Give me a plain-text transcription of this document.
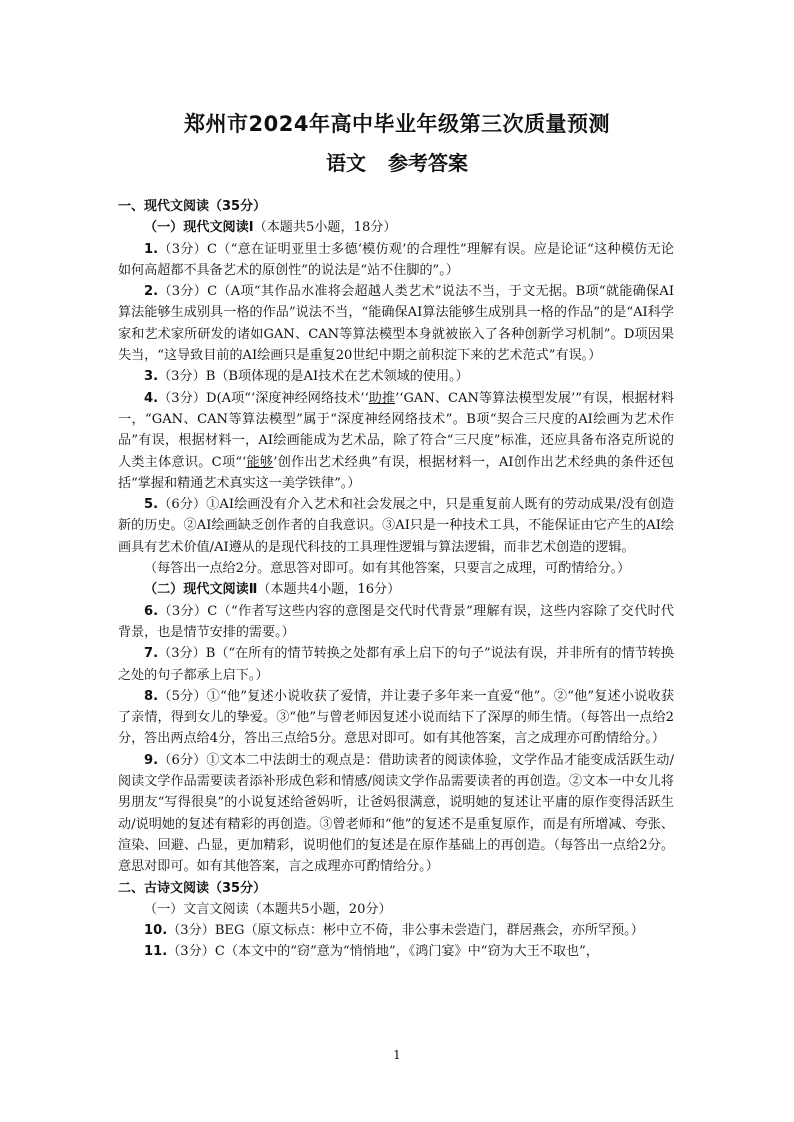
郑州市2024年高中毕业年级第三次质量预测
语文 参考答案

一、现代文阅读（35分）

（一）现代文阅读Ⅰ（本题共5小题，18分）

1.（3分）C（“意在证明亚里士多德‘模仿观’的合理性”理解有误。应是论证“这种模仿无论如何高超都不具备艺术的原创性”的说法是“站不住脚的”。）

2.（3分）C（A项“其作品水准将会超越人类艺术”说法不当，于文无据。B项“就能确保AI算法能够生成别具一格的作品”说法不当，“能确保AI算法能够生成别具一格的作品”的是“AI科学家和艺术家所研发的诸如GAN、CAN等算法模型本身就被嵌入了各种创新学习机制”。D项因果失当，“这导致目前的AI绘画只是重复20世纪中期之前积淀下来的艺术范式”有误。）

3.（3分）B（B项体现的是AI技术在艺术领域的使用。）

4.（3分）D(A项“‘深度神经网络技术’‘助推’‘GAN、CAN等算法模型发展’”有误，根据材料一，“GAN、CAN等算法模型”属于“深度神经网络技术”。B项“契合三尺度的AI绘画为艺术作品”有误，根据材料一，AI绘画能成为艺术品，除了符合“三尺度”标准，还应具备布洛克所说的人类主体意识。C项“‘能够’创作出艺术经典”有误，根据材料一，AI创作出艺术经典的条件还包括“掌握和精通艺术真实这一美学铁律”。）

5.（6分）①AI绘画没有介入艺术和社会发展之中，只是重复前人既有的劳动成果/没有创造新的历史。②AI绘画缺乏创作者的自我意识。③AI只是一种技术工具，不能保证由它产生的AI绘画具有艺术价值/AI遵从的是现代科技的工具理性逻辑与算法逻辑，而非艺术创造的逻辑。

（每答出一点给2分。意思答对即可。如有其他答案，只要言之成理，可酌情给分。）

（二）现代文阅读Ⅱ（本题共4小题，16分）

6.（3分）C（“作者写这些内容的意图是交代时代背景”理解有误，这些内容除了交代时代背景，也是情节安排的需要。）

7.（3分）B（“在所有的情节转换之处都有承上启下的句子”说法有误，并非所有的情节转换之处的句子都承上启下。）

8.（5分）①“他”复述小说收获了爱情，并让妻子多年来一直爱“他”。②“他”复述小说收获了亲情，得到女儿的挚爱。③“他”与曾老师因复述小说而结下了深厚的师生情。（每答出一点给2分，答出两点给4分，答出三点给5分。意思对即可。如有其他答案，言之成理亦可酌情给分。）

9.（6分）①文本二中法朗士的观点是：借助读者的阅读体验，文学作品才能变成活跃生动/阅读文学作品需要读者添补形成色彩和情感/阅读文学作品需要读者的再创造。②文本一中女儿将男朋友“写得很臭”的小说复述给爸妈听，让爸妈很满意，说明她的复述让平庸的原作变得活跃生动/说明她的复述有精彩的再创造。③曾老师和“他”的复述不是重复原作，而是有所增减、夸张、渲染、回避、凸显，更加精彩，说明他们的复述是在原作基础上的再创造。（每答出一点给2分。意思对即可。如有其他答案，言之成理亦可酌情给分。）

二、古诗文阅读（35分）

（一）文言文阅读（本题共5小题，20分）

10.（3分）BEG（原文标点：彬中立不倚，非公事未尝造门，群居燕会，亦所罕预。）

11.（3分）C（本文中的“窃”意为“悄悄地”，《鸿门宴》中“窃为大王不取也”，

1
